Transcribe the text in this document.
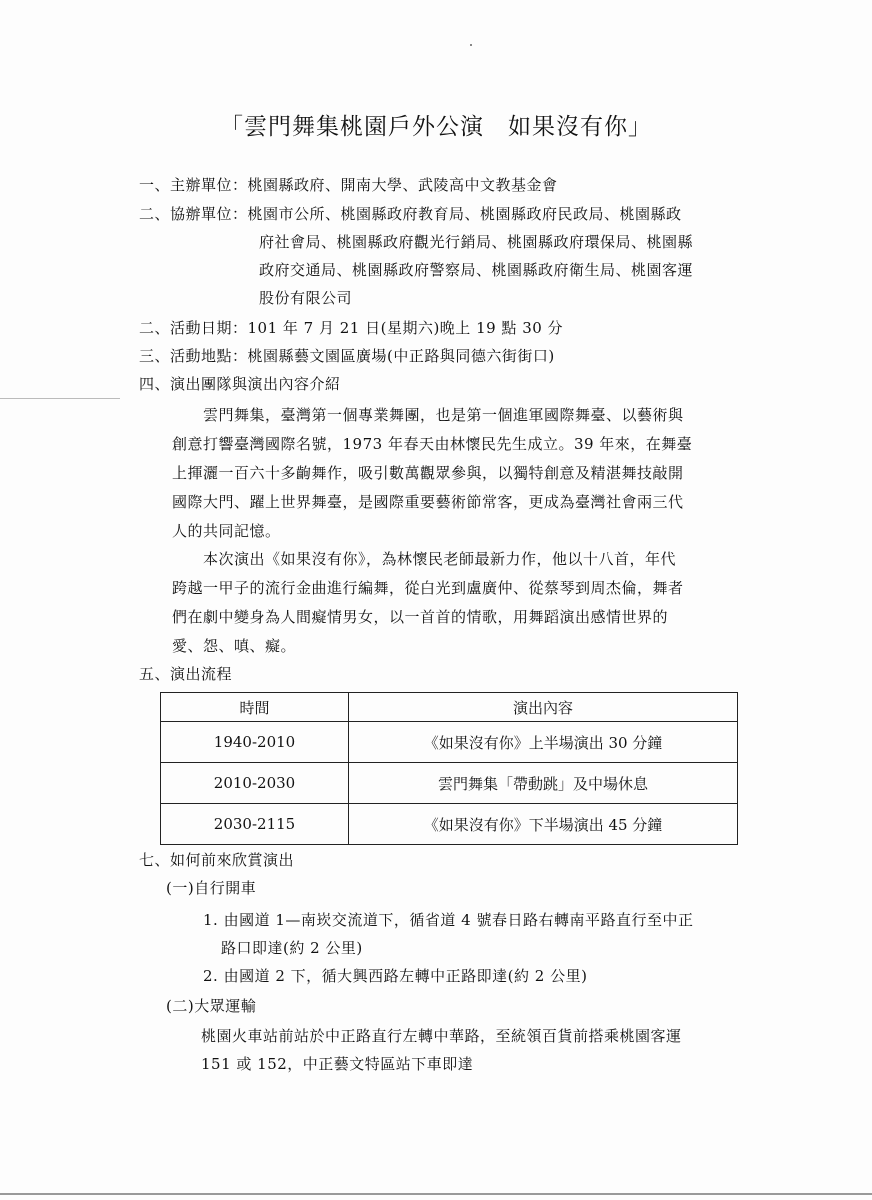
「雲門舞集桃園戶外公演　如果沒有你」
一、主辦單位：桃園縣政府、開南大學、武陵高中文教基金會
二、協辦單位：桃園市公所、桃園縣政府教育局、桃園縣政府民政局、桃園縣政
府社會局、桃園縣政府觀光行銷局、桃園縣政府環保局、桃園縣
政府交通局、桃園縣政府警察局、桃園縣政府衛生局、桃園客運
股份有限公司
二、活動日期：101 年 7 月 21 日(星期六)晚上 19 點 30 分
三、活動地點：桃園縣藝文園區廣場(中正路與同德六街街口)
四、演出團隊與演出內容介紹
雲門舞集，臺灣第一個專業舞團，也是第一個進軍國際舞臺、以藝術與
創意打響臺灣國際名號，1973 年春天由林懷民先生成立。39 年來，在舞臺
上揮灑一百六十多齣舞作，吸引數萬觀眾參與，以獨特創意及精湛舞技敲開
國際大門、躍上世界舞臺，是國際重要藝術節常客，更成為臺灣社會兩三代
人的共同記憶。
本次演出《如果沒有你》，為林懷民老師最新力作，他以十八首，年代
跨越一甲子的流行金曲進行編舞，從白光到盧廣仲、從蔡琴到周杰倫，舞者
們在劇中變身為人間癡情男女，以一首首的情歌，用舞蹈演出感情世界的
愛、怨、嗔、癡。
五、演出流程
時間	演出內容
1940-2010	《如果沒有你》上半場演出 30 分鐘
2010-2030	雲門舞集「帶動跳」及中場休息
2030-2115	《如果沒有你》下半場演出 45 分鐘
七、如何前來欣賞演出
(一)自行開車
1. 由國道 1—南崁交流道下，循省道 4 號春日路右轉南平路直行至中正
路口即達(約 2 公里)
2. 由國道 2 下，循大興西路左轉中正路即達(約 2 公里)
(二)大眾運輸
桃園火車站前站於中正路直行左轉中華路，至統領百貨前搭乘桃園客運
151 或 152，中正藝文特區站下車即達
